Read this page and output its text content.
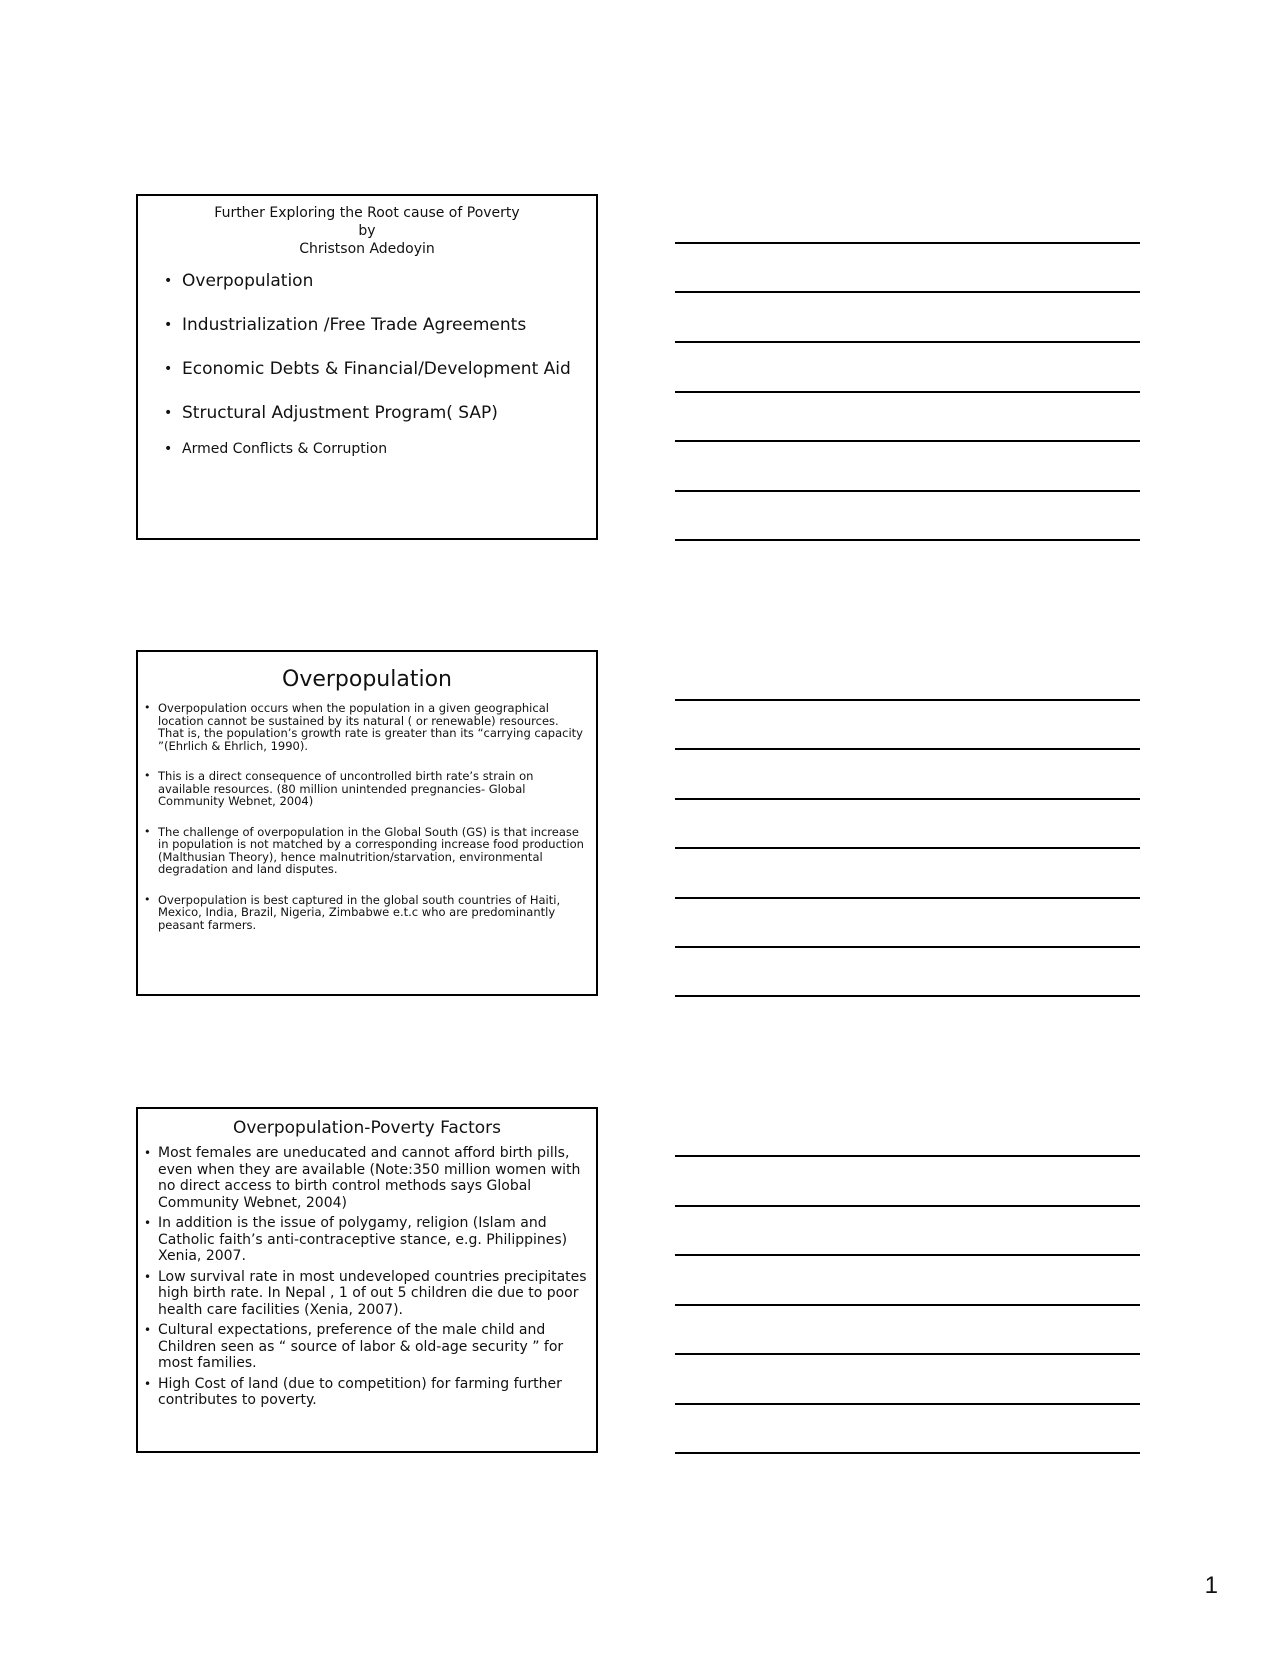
Further Exploring the Root cause of Poverty
by
Christson Adedoyin
• Overpopulation
• Industrialization /Free Trade Agreements
• Economic Debts & Financial/Development Aid
• Structural Adjustment Program( SAP)
• Armed Conflicts & Corruption
Overpopulation
• Overpopulation occurs when the population in a given geographical location cannot be sustained by its natural ( or renewable) resources. That is, the population’s growth rate is greater than its “carrying capacity ”(Ehrlich & Ehrlich, 1990).
• This is a direct consequence of uncontrolled birth rate’s strain on available resources. (80 million unintended pregnancies- Global Community Webnet, 2004)
• The challenge of overpopulation in the Global South (GS) is that increase in population is not matched by a corresponding increase food production (Malthusian Theory), hence malnutrition/starvation, environmental degradation and land disputes.
• Overpopulation is best captured in the global south countries of Haiti, Mexico, India, Brazil, Nigeria, Zimbabwe e.t.c who are predominantly peasant farmers.
Overpopulation-Poverty Factors
• Most females are uneducated and cannot afford birth pills, even when they are available (Note:350 million women with no direct access to birth control methods says Global Community Webnet, 2004)
• In addition is the issue of polygamy, religion (Islam and Catholic faith’s anti-contraceptive stance, e.g. Philippines) Xenia, 2007.
• Low survival rate in most undeveloped countries precipitates high birth rate. In Nepal , 1 of out 5 children die due to poor health care facilities (Xenia, 2007).
• Cultural expectations, preference of the male child and Children seen as “ source of labor & old-age security ” for most families.
• High Cost of land (due to competition) for farming further contributes to poverty.
1
